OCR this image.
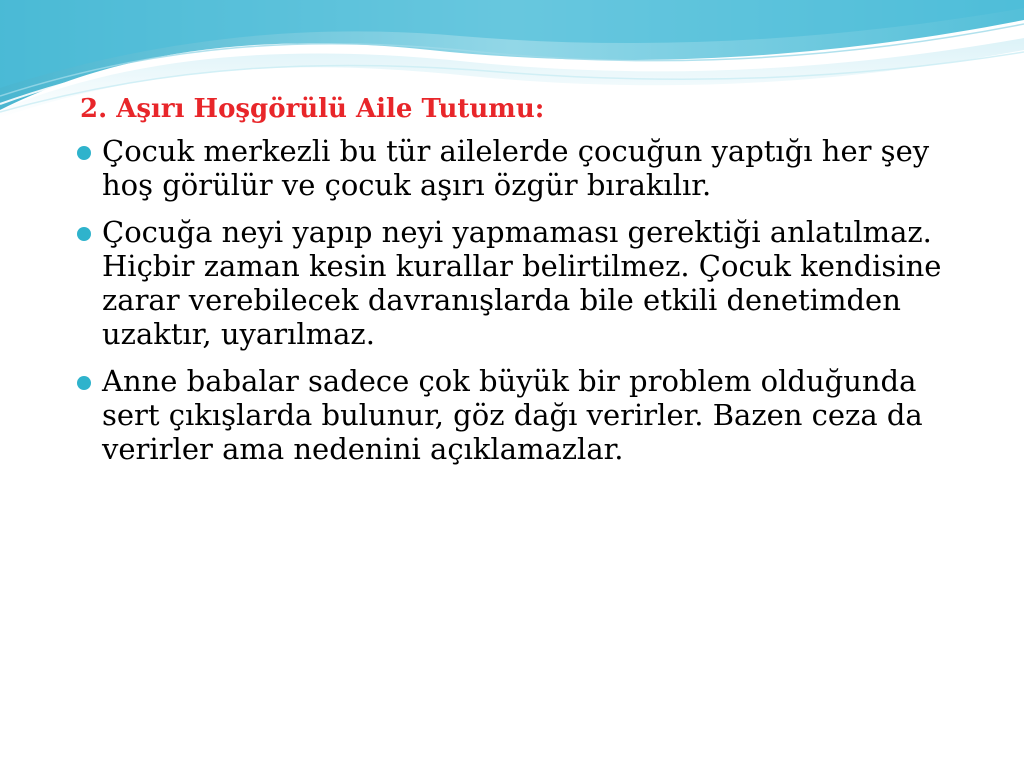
2. Aşırı Hoşgörülü Aile Tutumu:
Çocuk merkezli bu tür ailelerde çocuğun yaptığı her şey hoş görülür ve çocuk aşırı özgür bırakılır.
Çocuğa neyi yapıp neyi yapmaması gerektiği anlatılmaz. Hiçbir zaman kesin kurallar belirtilmez. Çocuk kendisine zarar verebilecek davranışlarda bile etkili denetimden uzaktır, uyarılmaz.
Anne babalar sadece çok büyük bir problem olduğunda sert çıkışlarda bulunur, göz dağı verirler. Bazen ceza da verirler ama nedenini açıklamazlar.
